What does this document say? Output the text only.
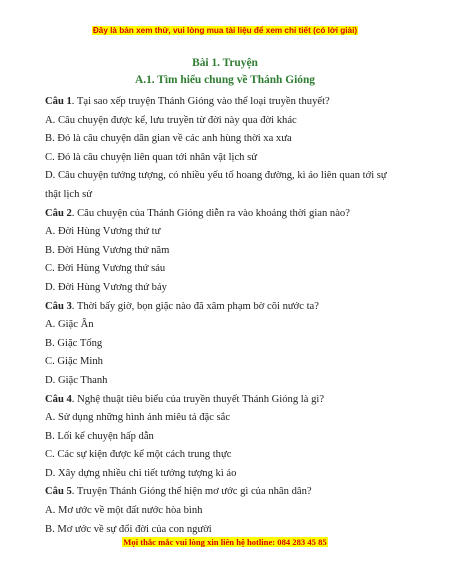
Đây là bản xem thử, vui lòng mua tài liệu để xem chi tiết (có lời giải)
Bài 1. Truyện
A.1. Tìm hiểu chung về Thánh Gióng
Câu 1. Tại sao xếp truyện Thánh Gióng vào thể loại truyền thuyết?
A. Câu chuyện được kể, lưu truyền từ đời này qua đời khác
B. Đó là câu chuyện dân gian về các anh hùng thời xa xưa
C. Đó là câu chuyện liên quan tới nhân vật lịch sử
D. Câu chuyện tưởng tượng, có nhiều yếu tố hoang đường, kì ảo liên quan tới sự
thật lịch sử
Câu 2. Câu chuyện của Thánh Gióng diễn ra vào khoảng thời gian nào?
A. Đời Hùng Vương thứ tư
B. Đời Hùng Vương thứ năm
C. Đời Hùng Vương thứ sáu
D. Đời Hùng Vương thứ bảy
Câu 3. Thời bấy giờ, bọn giặc nào đã xâm phạm bờ cõi nước ta?
A. Giặc Ân
B. Giặc Tống
C. Giặc Minh
D. Giặc Thanh
Câu 4. Nghệ thuật tiêu biểu của truyền thuyết Thánh Gióng là gì?
A. Sử dụng những hình ảnh miêu tả đặc sắc
B. Lối kể chuyện hấp dẫn
C. Các sự kiện được kể một cách trung thực
D. Xây dựng nhiều chi tiết tưởng tượng kì ảo
Câu 5. Truyện Thánh Gióng thể hiện mơ ước gì của nhân dân?
A. Mơ ước về một đất nước hòa bình
B. Mơ ước về sự đổi đời của con người
Mọi thắc mắc vui lòng xin liên hệ hotline: 084 283 45 85
